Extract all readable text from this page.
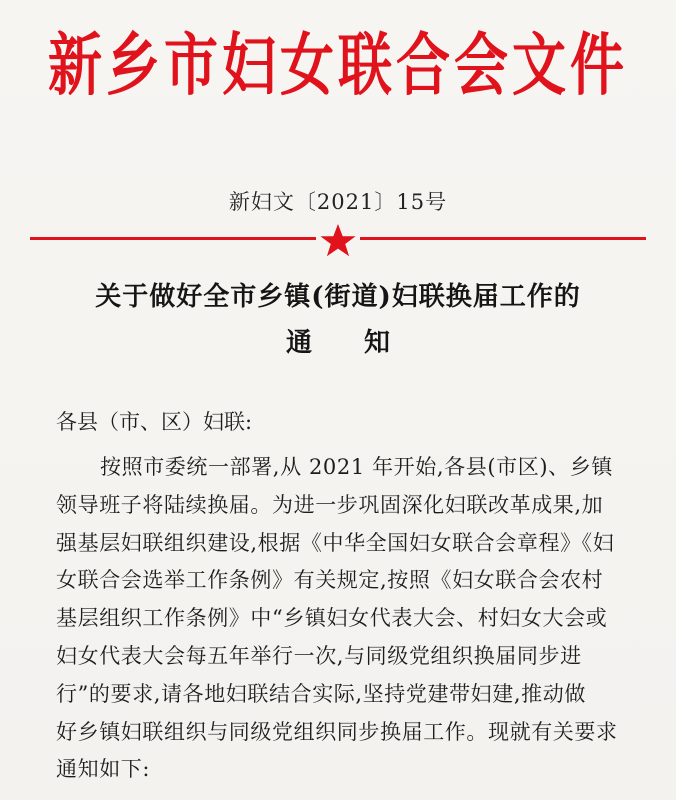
新乡市妇女联合会文件
新妇文〔2021〕15号
关于做好全市乡镇(街道)妇联换届工作的
通 知
各县（市、区）妇联:
按照市委统一部署,从 2021 年开始,各县(市区)、乡镇
领导班子将陆续换届。为进一步巩固深化妇联改革成果,加
强基层妇联组织建设,根据《中华全国妇女联合会章程》《妇
女联合会选举工作条例》有关规定,按照《妇女联合会农村
基层组织工作条例》中“乡镇妇女代表大会、村妇女大会或
妇女代表大会每五年举行一次,与同级党组织换届同步进
行”的要求,请各地妇联结合实际,坚持党建带妇建,推动做
好乡镇妇联组织与同级党组织同步换届工作。现就有关要求
通知如下:
